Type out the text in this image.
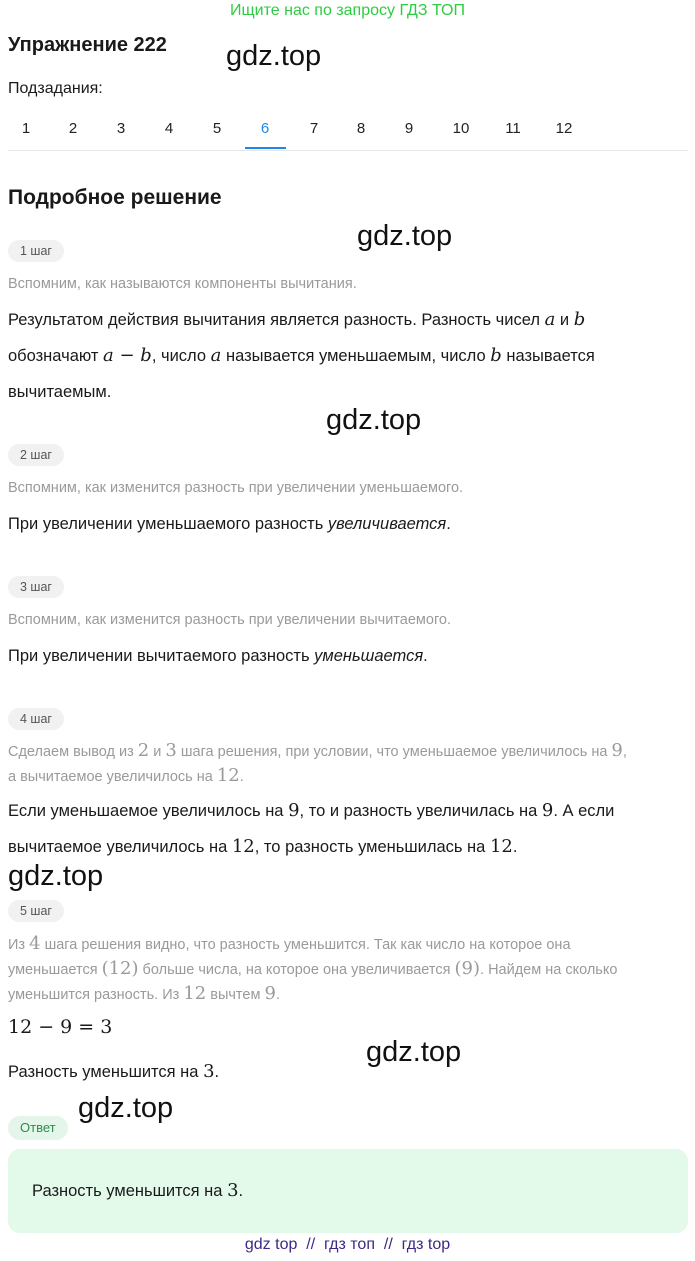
Ищите нас по запросу ГДЗ ТОП
Упражнение 222 gdz.top
Подзадания:
1	2	3	4	5	6	7	8	9	10	11	12
Подробное решение
gdz.top
1 шаг
Вспомним, как называются компоненты вычитания.
Результатом действия вычитания является разность. Разность чисел a и b
обозначают a − b, число a называется уменьшаемым, число b называется
вычитаемым.
gdz.top
2 шаг
Вспомним, как изменится разность при увеличении уменьшаемого.
При увеличении уменьшаемого разность увеличивается.
3 шаг
Вспомним, как изменится разность при увеличении вычитаемого.
При увеличении вычитаемого разность уменьшается.
4 шаг
Сделаем вывод из 2 и 3 шага решения, при условии, что уменьшаемое увеличилось на 9,
а вычитаемое увеличилось на 12.
Если уменьшаемое увеличилось на 9, то и разность увеличилась на 9. А если
вычитаемое увеличилось на 12, то разность уменьшилась на 12.
gdz.top
5 шаг
Из 4 шага решения видно, что разность уменьшится. Так как число на которое она
уменьшается (12) больше числа, на которое она увеличивается (9). Найдем на сколько
уменьшится разность. Из 12 вычтем 9.
12 − 9 = 3
gdz.top
Разность уменьшится на 3.
gdz.top
Ответ
Разность уменьшится на 3.
gdz top  //  гдз топ  //  гдз top
